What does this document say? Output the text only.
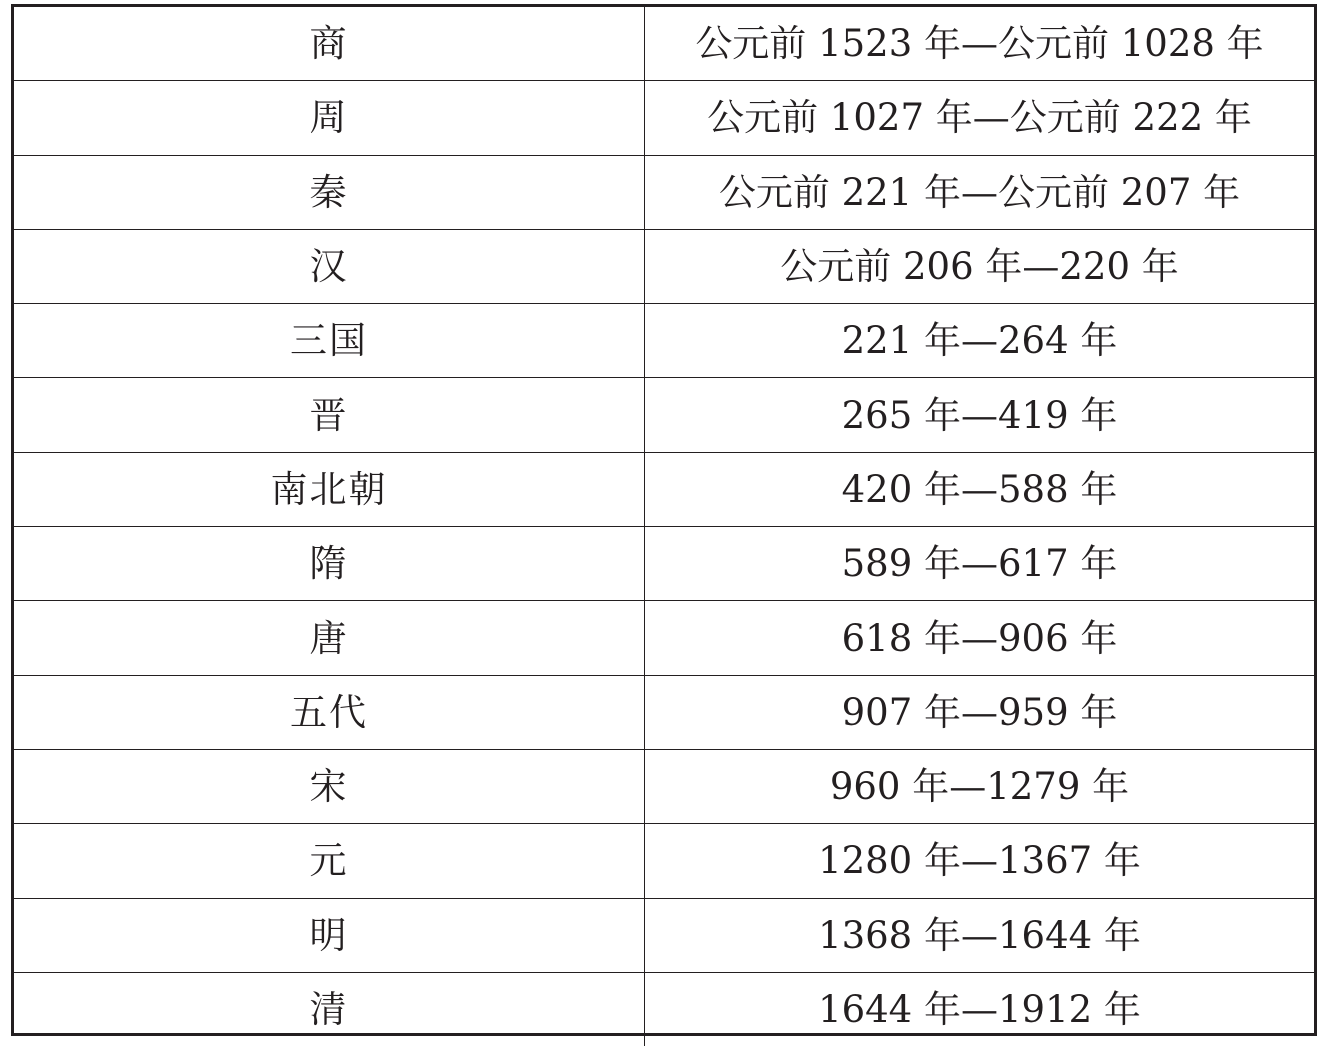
商	公元前 1523 年—公元前 1028 年
周	公元前 1027 年—公元前 222 年
秦	公元前 221 年—公元前 207 年
汉	公元前 206 年—220 年
三国	221 年—264 年
晋	265 年—419 年
南北朝	420 年—588 年
隋	589 年—617 年
唐	618 年—906 年
五代	907 年—959 年
宋	960 年—1279 年
元	1280 年—1367 年
明	1368 年—1644 年
清	1644 年—1912 年
